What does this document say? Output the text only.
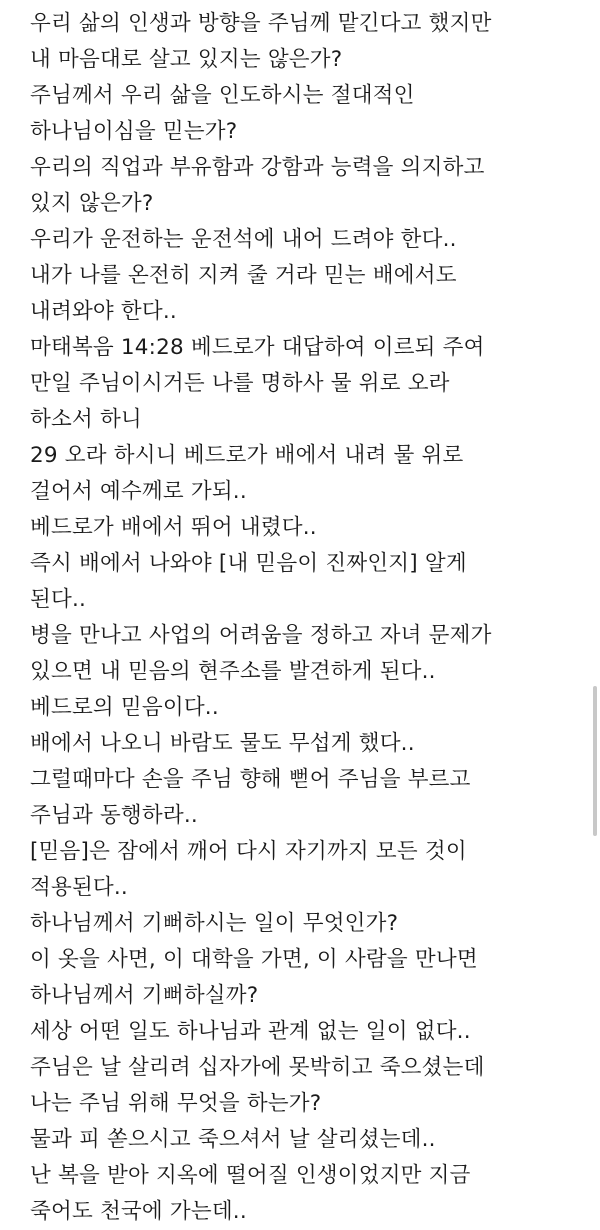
우리 삶의 인생과 방향을 주님께 맡긴다고 했지만
내 마음대로 살고 있지는 않은가?
주님께서 우리 삶을 인도하시는 절대적인
하나님이심을 믿는가?
우리의 직업과 부유함과 강함과 능력을 의지하고
있지 않은가?
우리가 운전하는 운전석에 내어 드려야 한다..
내가 나를 온전히 지켜 줄 거라 믿는 배에서도
내려와야 한다..
마태복음 14:28 베드로가 대답하여 이르되 주여
만일 주님이시거든 나를 명하사 물 위로 오라
하소서 하니
29 오라 하시니 베드로가 배에서 내려 물 위로
걸어서 예수께로 가되..
베드로가 배에서 뛰어 내렸다..
즉시 배에서 나와야 [내 믿음이 진짜인지] 알게
된다..
병을 만나고 사업의 어려움을 정하고 자녀 문제가
있으면 내 믿음의 현주소를 발견하게 된다..
베드로의 믿음이다..
배에서 나오니 바람도 물도 무섭게 했다..
그럴때마다 손을 주님 향해 뻗어 주님을 부르고
주님과 동행하라..
[믿음]은 잠에서 깨어 다시 자기까지 모든 것이
적용된다..
하나님께서 기뻐하시는 일이 무엇인가?
이 옷을 사면, 이 대학을 가면, 이 사람을 만나면
하나님께서 기뻐하실까?
세상 어떤 일도 하나님과 관계 없는 일이 없다..
주님은 날 살리려 십자가에 못박히고 죽으셨는데
나는 주님 위해 무엇을 하는가?
물과 피 쏟으시고 죽으셔서 날 살리셨는데..
난 복을 받아 지옥에 떨어질 인생이었지만 지금
죽어도 천국에 가는데..
